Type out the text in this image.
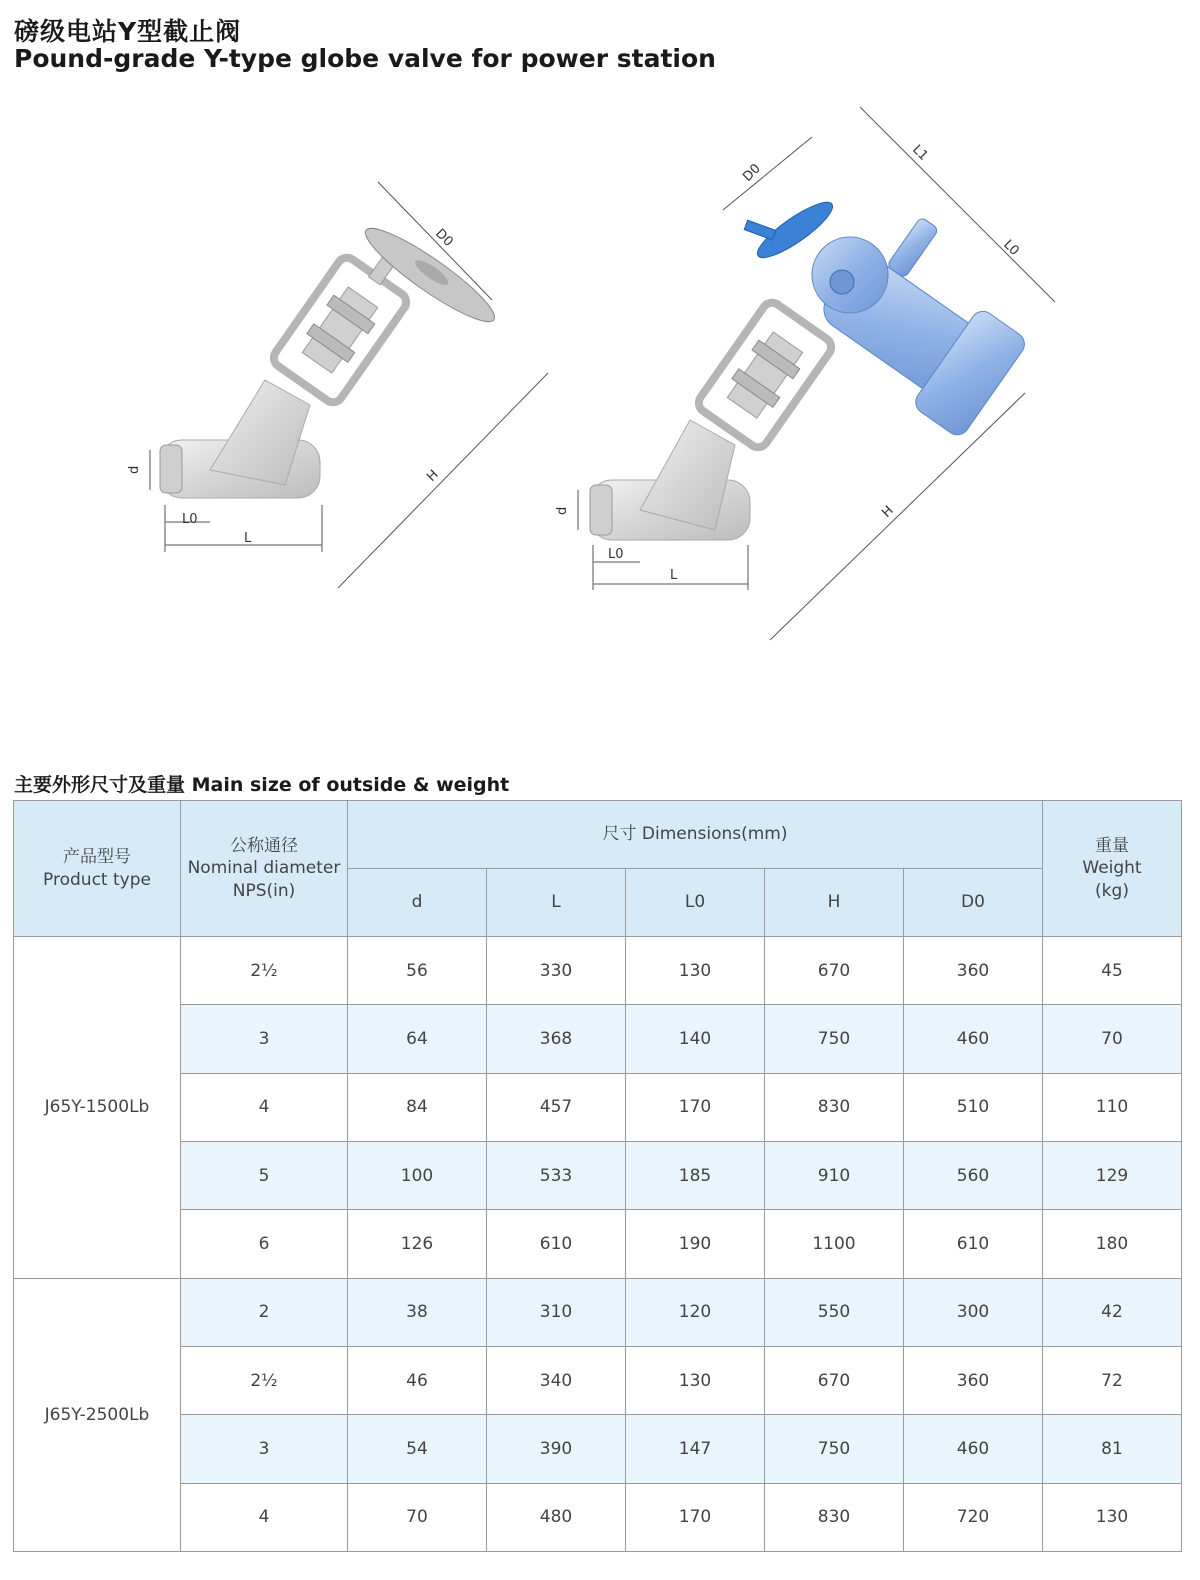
磅级电站Y型截止阀
Pound-grade Y-type globe valve for power station
d
L0
L
H
D0
d
L0
L
H
D0
L1
L0
主要外形尺寸及重量 Main size of outside & weight
产品型号
Product type	公称通径
Nominal diameter
NPS(in)	尺寸 Dimensions(mm)					重量
Weight
(kg)

		d	L	L0	H	D0	
J65Y-1500Lb	2½	56	330	130	670	360	45
	3	64	368	140	750	460	70
	4	84	457	170	830	510	110
	5	100	533	185	910	560	129
	6	126	610	190	1100	610	180
J65Y-2500Lb	2	38	310	120	550	300	42
	2½	46	340	130	670	360	72
	3	54	390	147	750	460	81
	4	70	480	170	830	720	130
